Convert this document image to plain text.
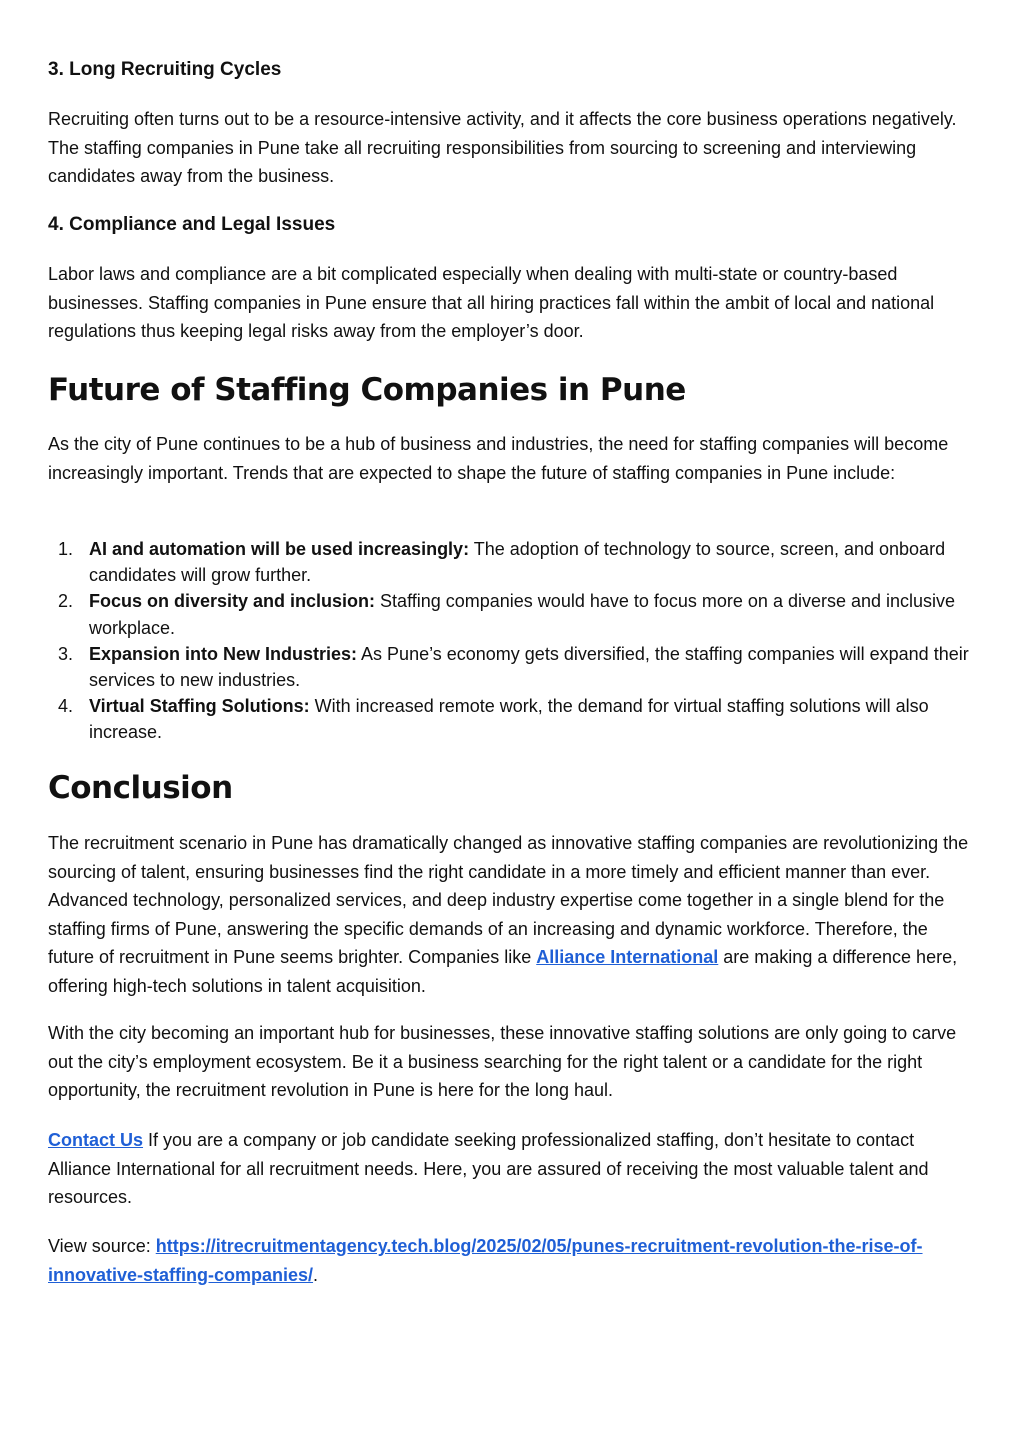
3. Long Recruiting Cycles

Recruiting often turns out to be a resource-intensive activity, and it affects the core business operations negatively. The staffing companies in Pune take all recruiting responsibilities from sourcing to screening and interviewing candidates away from the business.

4. Compliance and Legal Issues

Labor laws and compliance are a bit complicated especially when dealing with multi-state or country-based businesses. Staffing companies in Pune ensure that all hiring practices fall within the ambit of local and national regulations thus keeping legal risks away from the employer’s door.

Future of Staffing Companies in Pune

As the city of Pune continues to be a hub of business and industries, the need for staffing companies will become increasingly important. Trends that are expected to shape the future of staffing companies in Pune include:

1. AI and automation will be used increasingly: The adoption of technology to source, screen, and onboard candidates will grow further.
2. Focus on diversity and inclusion: Staffing companies would have to focus more on a diverse and inclusive workplace.
3. Expansion into New Industries: As Pune’s economy gets diversified, the staffing companies will expand their services to new industries.
4. Virtual Staffing Solutions: With increased remote work, the demand for virtual staffing solutions will also increase.
Conclusion

The recruitment scenario in Pune has dramatically changed as innovative staffing companies are revolutionizing the sourcing of talent, ensuring businesses find the right candidate in a more timely and efficient manner than ever. Advanced technology, personalized services, and deep industry expertise come together in a single blend for the staffing firms of Pune, answering the specific demands of an increasing and dynamic workforce. Therefore, the future of recruitment in Pune seems brighter. Companies like Alliance International are making a difference here, offering high-tech solutions in talent acquisition.

With the city becoming an important hub for businesses, these innovative staffing solutions are only going to carve out the city’s employment ecosystem. Be it a business searching for the right talent or a candidate for the right opportunity, the recruitment revolution in Pune is here for the long haul.

Contact Us If you are a company or job candidate seeking professionalized staffing, don’t hesitate to contact Alliance International for all recruitment needs. Here, you are assured of receiving the most valuable talent and resources.

View source: https://itrecruitmentagency.tech.blog/2025/02/05/punes-recruitment-revolution-the-rise-of-innovative-staffing-companies/.
